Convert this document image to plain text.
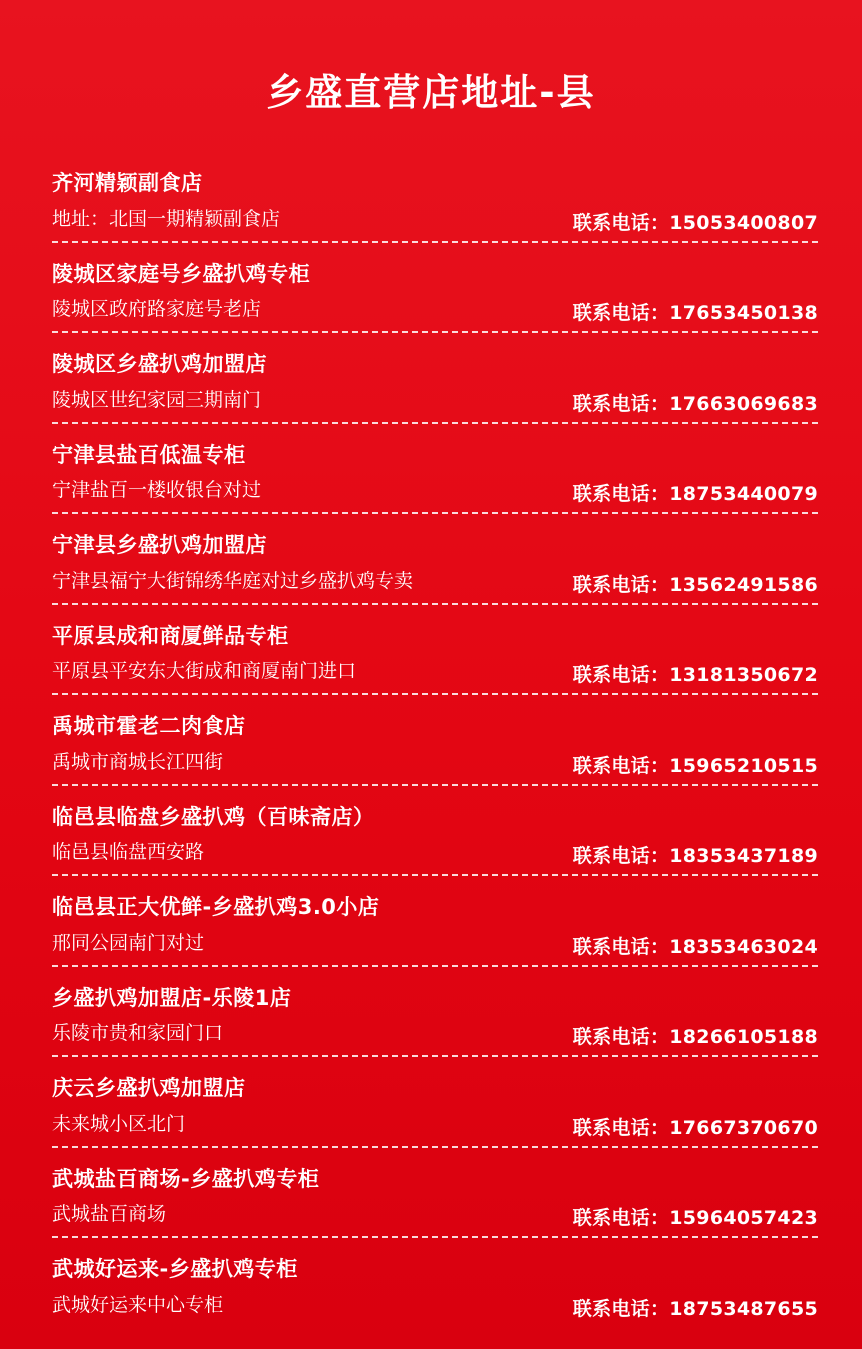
乡盛直营店地址-县
齐河精颖副食店
地址：北国一期精颖副食店	联系电话：15053400807
陵城区家庭号乡盛扒鸡专柜
陵城区政府路家庭号老店	联系电话：17653450138
陵城区乡盛扒鸡加盟店
陵城区世纪家园三期南门	联系电话：17663069683
宁津县盐百低温专柜
宁津盐百一楼收银台对过	联系电话：18753440079
宁津县乡盛扒鸡加盟店
宁津县福宁大街锦绣华庭对过乡盛扒鸡专卖	联系电话：13562491586
平原县成和商厦鲜品专柜
平原县平安东大街成和商厦南门进口	联系电话：13181350672
禹城市霍老二肉食店
禹城市商城长江四街	联系电话：15965210515
临邑县临盘乡盛扒鸡（百味斋店）
临邑县临盘西安路	联系电话：18353437189
临邑县正大优鲜-乡盛扒鸡3.0小店
邢同公园南门对过	联系电话：18353463024
乡盛扒鸡加盟店-乐陵1店
乐陵市贵和家园门口	联系电话：18266105188
庆云乡盛扒鸡加盟店
未来城小区北门	联系电话：17667370670
武城盐百商场-乡盛扒鸡专柜
武城盐百商场	联系电话：15964057423
武城好运来-乡盛扒鸡专柜
武城好运来中心专柜	联系电话：18753487655
